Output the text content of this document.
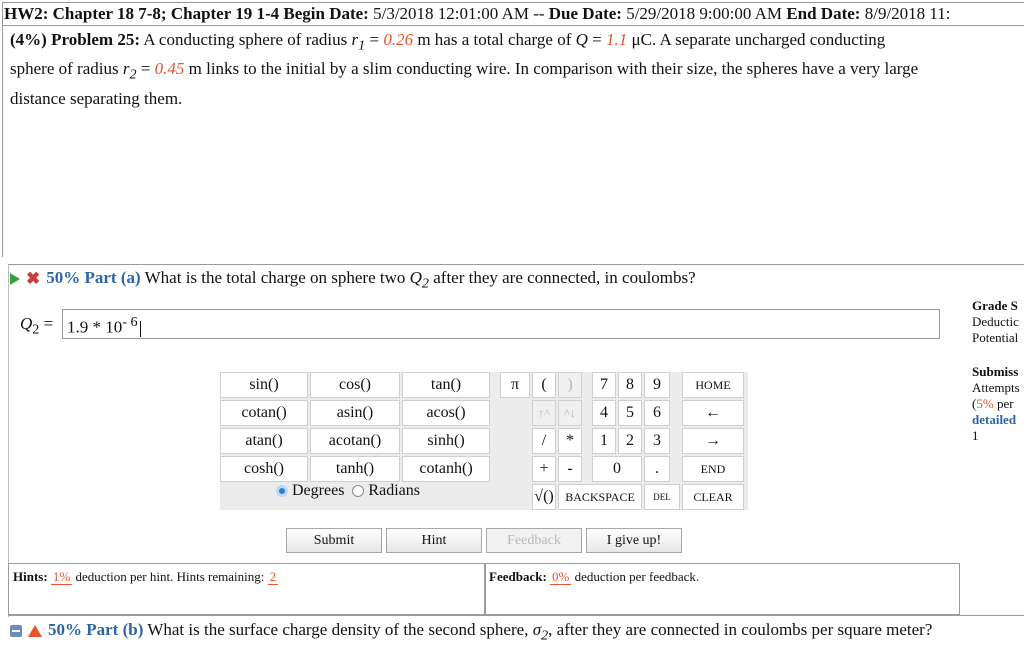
HW2: Chapter 18 7-8; Chapter 19 1-4 Begin Date: 5/3/2018 12:01:00 AM -- Due Date: 5/29/2018 9:00:00 AM End Date: 8/9/2018 11:
(4%) Problem 25: A conducting sphere of radius $r_1 = 0.26$ m has a total charge of Q = 1.1 μC. A separate uncharged conducting
sphere of radius $r_2 = 0.45$ m links to the initial by a slim conducting wire. In comparison with their size, the spheres have a very large
distance separating them.
✖ 50% Part (a) What is the total charge on sphere two $Q_2$ after they are connected, in coulombs?
$Q_2 = 1.9 * 10^{- 6}$
Grade S
Deductic
Potential
Submiss
Attempts
(5% per
detailed
1
sin()	cos()	tan()
cotan()	asin()	acos()
atan()	acotan()	sinh()
cosh()	tanh()	cotanh()
Degrees Radians
π	(	)	7	8	9	HOME
↑^	^↓	4	5	6	←
/	*	1	2	3	→
+	-	0	.	END
√() BACKSPACE	DEL	CLEAR
Submit	Hint	Feedback	I give up!
Hints: 1% deduction per hint. Hints remaining: 2	Feedback: 0% deduction per feedback.
50% Part (b) What is the surface charge density of the second sphere, $\sigma_2$, after they are connected in coulombs per square meter?
